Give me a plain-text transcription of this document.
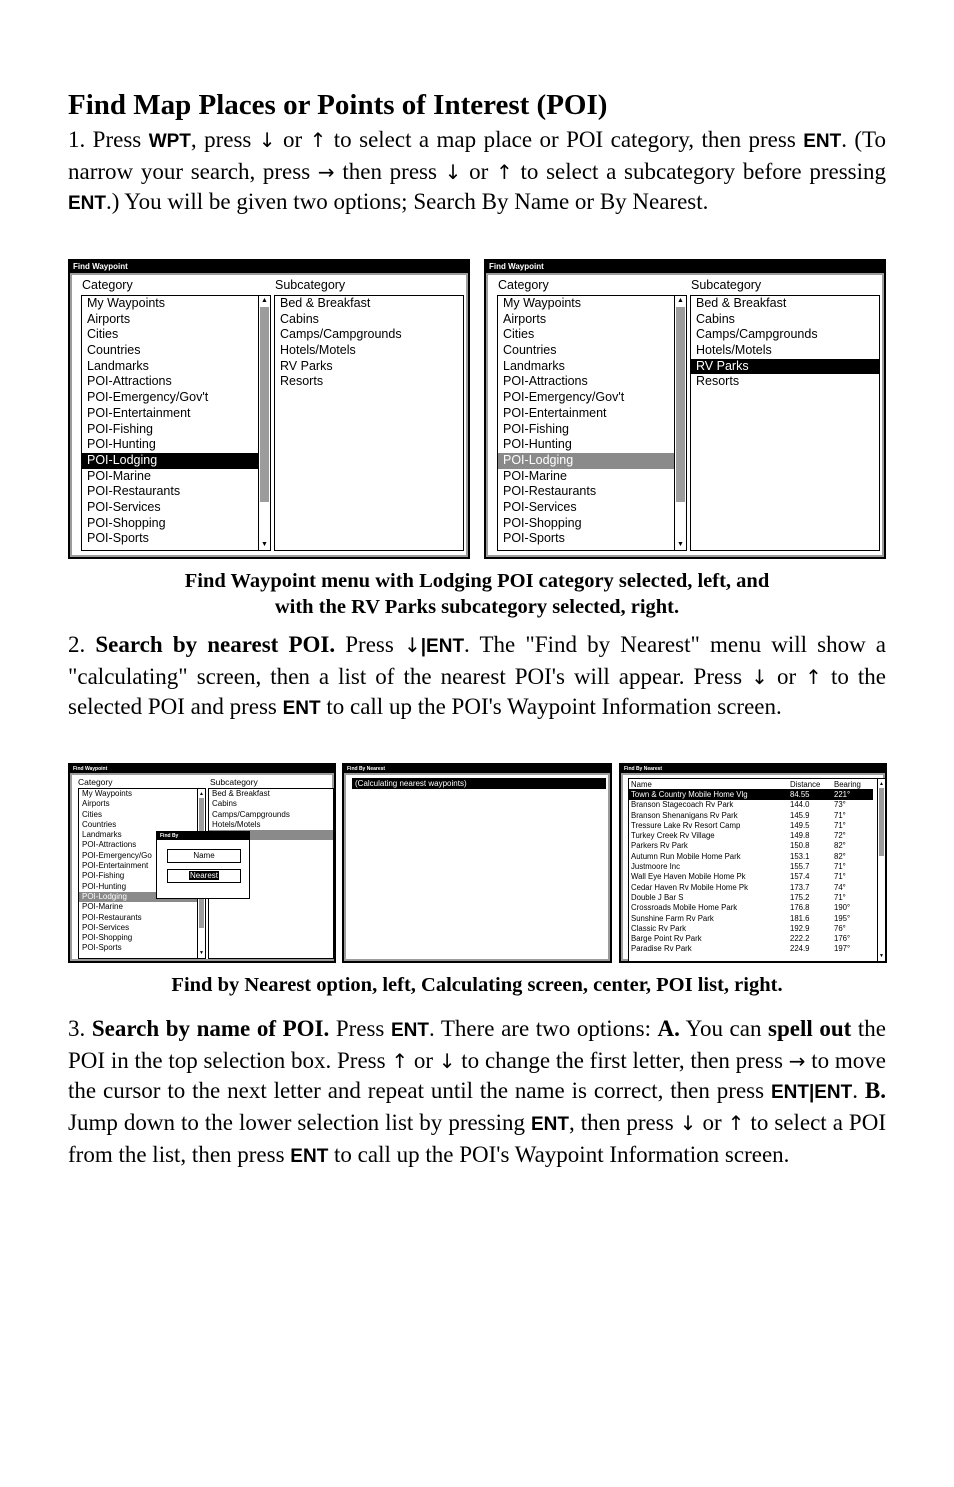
Find Map Places or Points of Interest (POI)

1. Press WPT, press ↓ or ↑ to select a map place or POI category, then press ENT. (To narrow your search, press → then press ↓ or ↑ to select a subcategory before pressing ENT.) You will be given two options; Search By Name or By Nearest.

Find Waypoint
Category	Subcategory
My Waypoints
Airports
Cities
Countries
Landmarks
POI-Attractions
POI-Emergency/Gov't
POI-Entertainment
POI-Fishing
POI-Hunting
POI-Lodging
POI-Marine
POI-Restaurants
POI-Services
POI-Shopping
POI-Sports
▲
▼
Bed & Breakfast
Cabins
Camps/Campgrounds
Hotels/Motels
RV Parks
Resorts
Find Waypoint
Category	Subcategory
My Waypoints
Airports
Cities
Countries
Landmarks
POI-Attractions
POI-Emergency/Gov't
POI-Entertainment
POI-Fishing
POI-Hunting
POI-Lodging
POI-Marine
POI-Restaurants
POI-Services
POI-Shopping
POI-Sports
▲
▼
Bed & Breakfast
Cabins
Camps/Campgrounds
Hotels/Motels
RV Parks
Resorts

Find Waypoint menu with Lodging POI category selected, left, and
with the RV Parks subcategory selected, right.

2. Search by nearest POI. Press ↓|ENT. The "Find by Nearest" menu will show a "calculating" screen, then a list of the nearest POI's will appear. Press ↓ or ↑ to the selected POI and press ENT to call up the POI's Waypoint Information screen.

Find Waypoint
Category	Subcategory
My Waypoints
Airports
Cities
Countries
Landmarks
POI-Attractions
POI-Emergency/Go
POI-Entertainment
POI-Fishing
POI-Hunting
POI-Lodging
POI-Marine
POI-Restaurants
POI-Services
POI-Shopping
POI-Sports
▲
▼
Bed & Breakfast
Cabins
Camps/Campgrounds
Hotels/Motels
Find By
Name
Nearest
Find By Nearest
(Calculating nearest waypoints)
Find By Nearest
Name	Distance	Bearing
Town & Country Mobile Home Vlg	84.55	221°
Branson Stagecoach Rv Park	144.0	73°
Branson Shenanigans Rv Park	145.9	71°
Tressure Lake Rv Resort Camp	149.5	71°
Turkey Creek Rv Village	149.8	72°
Parkers Rv Park	150.8	82°
Autumn Run Mobile Home Park	153.1	82°
Justmoore Inc	155.7	71°
Wall Eye Haven Mobile Home Pk	157.4	71°
Cedar Haven Rv Mobile Home Pk	173.7	74°
Double J Bar S	175.2	71°
Crossroads Mobile Home Park	176.8	190°
Sunshine Farm Rv Park	181.6	195°
Classic Rv Park	192.9	76°
Barge Point Rv Park	222.2	176°
Paradise Rv Park	224.9	197°
▲
▼

Find by Nearest option, left, Calculating screen, center, POI list, right.

3. Search by name of POI. Press ENT. There are two options: A. You can spell out the POI in the top selection box. Press ↑ or ↓ to change the first letter, then press → to move the cursor to the next letter and repeat until the name is correct, then press ENT|ENT. B. Jump down to the lower selection list by pressing ENT, then press ↓ or ↑ to select a POI from the list, then press ENT to call up the POI's Waypoint Information screen.
